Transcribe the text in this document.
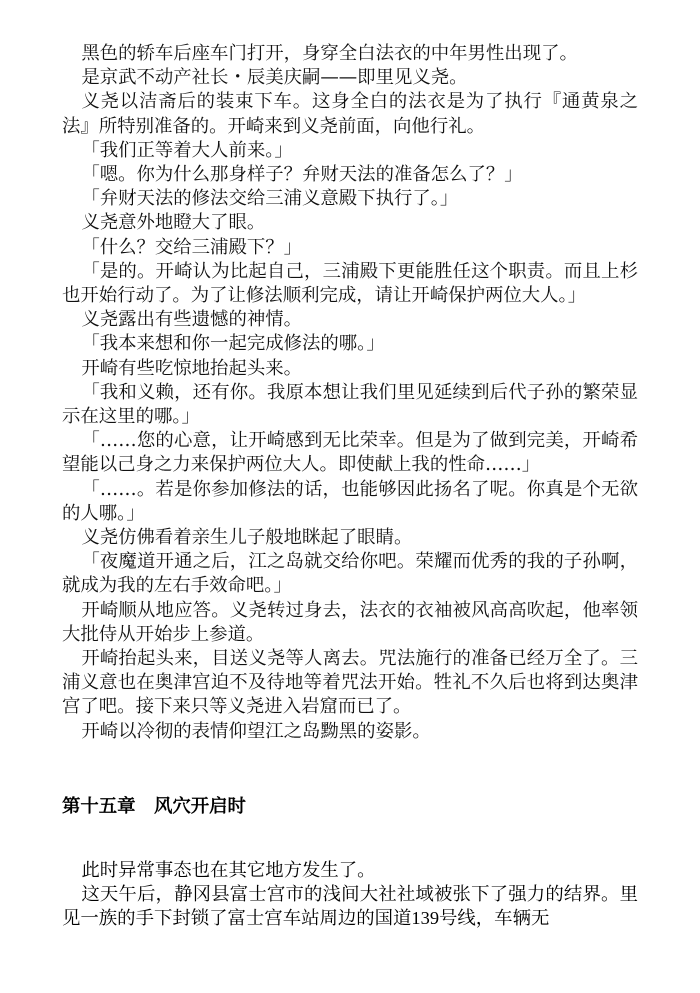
黑色的轿车后座车门打开，身穿全白法衣的中年男性出现了。

是京武不动产社长・辰美庆嗣——即里见义尧。

义尧以洁斋后的装束下车。这身全白的法衣是为了执行『通黄泉之法』所特别准备的。开崎来到义尧前面，向他行礼。

「我们正等着大人前来。」

「嗯。你为什么那身样子？弁财天法的准备怎么了？」

「弁财天法的修法交给三浦义意殿下执行了。」

义尧意外地瞪大了眼。

「什么？交给三浦殿下？」

「是的。开崎认为比起自己，三浦殿下更能胜任这个职责。而且上杉也开始行动了。为了让修法顺利完成，请让开崎保护两位大人。」

义尧露出有些遗憾的神情。

「我本来想和你一起完成修法的哪。」

开崎有些吃惊地抬起头来。

「我和义赖，还有你。我原本想让我们里见延续到后代子孙的繁荣显示在这里的哪。」

「……您的心意，让开崎感到无比荣幸。但是为了做到完美，开崎希望能以己身之力来保护两位大人。即使献上我的性命……」

「……。若是你参加修法的话，也能够因此扬名了呢。你真是个无欲的人哪。」

义尧仿佛看着亲生儿子般地眯起了眼睛。

「夜魔道开通之后，江之岛就交给你吧。荣耀而优秀的我的子孙啊，就成为我的左右手效命吧。」

开崎顺从地应答。义尧转过身去，法衣的衣袖被风高高吹起，他率领大批侍从开始步上参道。

开崎抬起头来，目送义尧等人离去。咒法施行的准备已经万全了。三浦义意也在奥津宫迫不及待地等着咒法开始。牲礼不久后也将到达奥津宫了吧。接下来只等义尧进入岩窟而已了。

开崎以冷彻的表情仰望江之岛黝黑的姿影。

第十五章　风穴开启时

此时异常事态也在其它地方发生了。

这天午后，静冈县富士宫市的浅间大社社域被张下了强力的结界。里见一族的手下封锁了富士宫车站周边的国道139号线，车辆无
